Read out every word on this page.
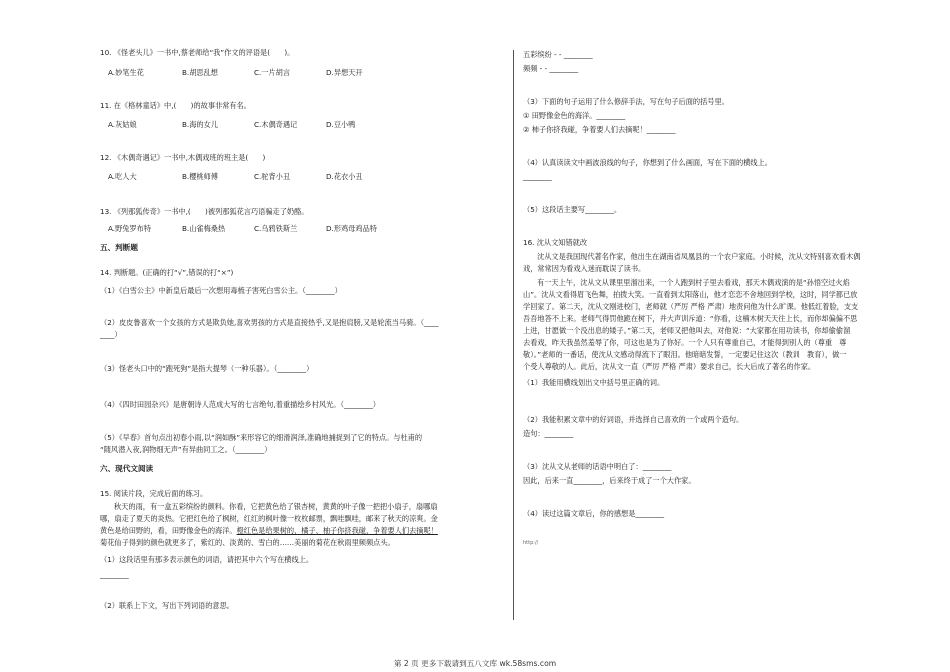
10. 《怪老头儿》一书中,蔡老师给“我”作文的评语是(　　)。
A.妙笔生花	B.胡思乱想	C.一片胡言	D.异想天开
11. 在《格林童话》中,(　　)的故事非常有名。
A.灰姑娘	B.海的女儿	C.木偶奇遇记	D.豆小鸭
12. 《木偶奇遇记》一书中,木偶戏班的班主是(　　)
A.吃人大	B.樱桃师傅	C.驼背小丑	D.花衣小丑
13. 《列那狐传奇》一书中,(　　)被列那狐花言巧语骗走了奶酪。
A.野兔罗布特	B.山雀梅桑热	C.乌鸦铁斯兰	D.形鸡母鸡品特
五、判断题
14. 判断题。(正确的打“√”,错误的打“×”)
（1）《白雪公主》中新皇后最后一次想用毒梳子害死白雪公主。（________）
（2）皮皮鲁喜欢一个女孩的方式是欺负她,喜欢男孩的方式是直接热乎,又是抱肩膀,又是轮流当马骑。（____
____）
（3）怪老头口中的“跑死狗”是指大提琴（一种乐器）。（________）
（4）《四时田园杂兴》是唐朝诗人范成大写的七言绝句,着重描绘乡村风光。（________）
（5）《早春》首句点出初春小雨,以“润如酥”来形容它的细滑润泽,准确地捕捉到了它的特点。与杜甫的
“随风潜入夜,润物细无声”有异曲同工之。（________）
六、现代文阅读
15. 阅读片段，完成后面的练习。
秋天的雨，有一盒五彩缤纷的颜料。你看，它把黄色给了银杏树，黄黄的叶子像一把把小扇子，扇哪扇
哪，扇走了夏天的炎热。它把红色给了枫树，红红的枫叶像一枚枚邮票，飘哇飘哇，邮来了秋天的凉爽。金
黄色是给田野的，看，田野像金色的海洋。橙红色是给果树的，橘子、柚子你挤我碰，争着要人们去摘呢！
菊花仙子得到的颜色就更多了，紫红的、淡黄的、雪白的……美丽的菊花在秋雨里频频点头。
（1）这段话里有那多表示颜色的词语，请把其中六个写在横线上。
________
（2）联系上下文，写出下列词语的意思。
五彩缤纷 - - ________
频频 - - ________
（3）下面的句子运用了什么修辞手法，写在句子后面的括号里。
① 田野像金色的海洋。________
② 柿子你挤我碰，争着要人们去摘呢！________
（4）认真读读文中画波浪线的句子，你想到了什么画面，写在下面的横线上。
________
（5）这段话主要写________。
16. 沈从文知错就改
沈从文是我国现代著名作家，他出生在湖南省凤凰县的一个农户家庭。小时候，沈从文特别喜欢看木偶
戏，常常因为看戏入迷而耽误了读书。
有一天上午，沈从文从课里里溜出来，一个人跑到村子里去看戏，那天木偶戏演的是“孙悟空过火焰
山”。沈从文看得眉飞色舞，拍拨大笑。一直看到太阳落山，他才恋恋不舍地回到学校，这时，同学都已放
学回家了。第二天，沈从文刚进校门，老师就（严厉 严格 严肃）地责问他为什么旷课。他低红着脸，支支
吾吾地答不上来。老师气得罚他跪在树下，并大声训斥道：“你看，这楠木树天天往上长，而你却偏偏不思
上进，甘愿做一个没出息的矮子。”第二天，老师又把他叫去，对他说：“大家都在用功读书，你却偷偷溜
去看戏，昨天我虽然羞辱了你，可这也是为了你好。一个人只有尊重自己，才能得到别人的（尊重　尊
敬）。”老师的一番话，使沈从文感动得流下了眼泪。他暗暗发誓，一定要记住这次（教训　教育），做一
个受人尊敬的人。此后，沈从文一直（严厉 严格 严肃）要求自己，长大后成了著名的作家。
（1）我能用横线划出文中括号里正确的词。
（2）我能积累文章中的好词语，并选择自己喜欢的一个或两个造句。
造句：________
（3）沈从文从老师的话语中明白了：________
因此，后来一直________，后来终于成了一个大作家。
（4）读过这篇文章后，你的感想是________
http://
第 2 页 更多下载请到五八文库 wk.58sms.com
